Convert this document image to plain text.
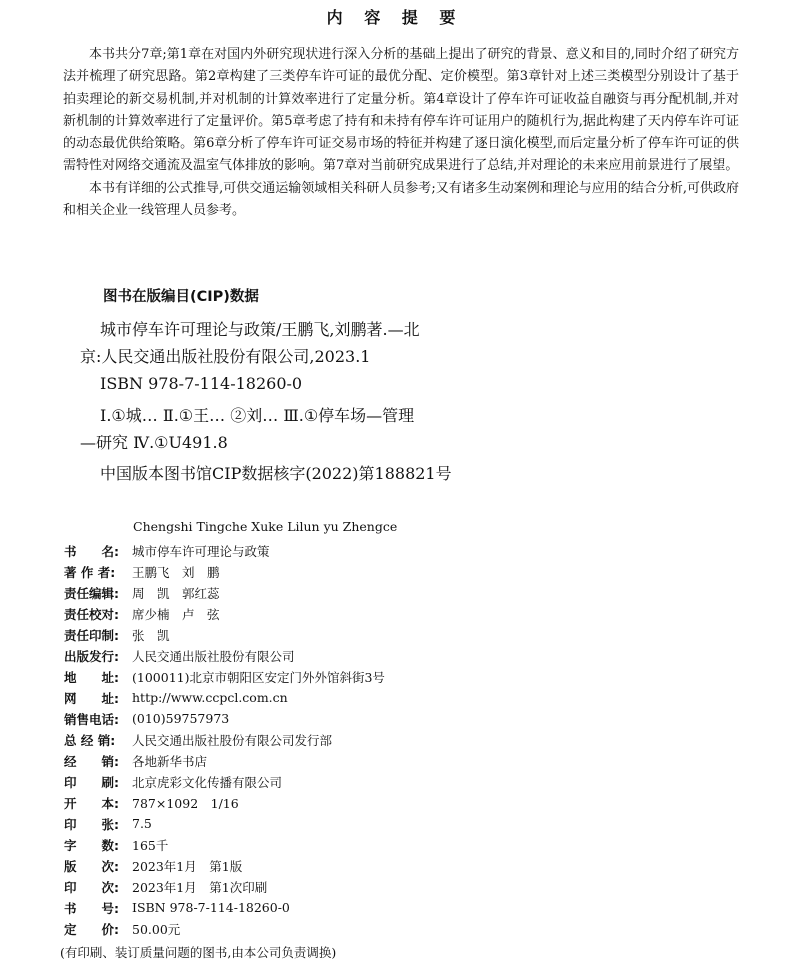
内 容 提 要

本书共分7章;第1章在对国内外研究现状进行深入分析的基础上提出了研究的背景、意义和目的,同时介绍了研究方法并梳理了研究思路。第2章构建了三类停车许可证的最优分配、定价模型。第3章针对上述三类模型分别设计了基于拍卖理论的新交易机制,并对机制的计算效率进行了定量分析。第4章设计了停车许可证收益自融资与再分配机制,并对新机制的计算效率进行了定量评价。第5章考虑了持有和未持有停车许可证用户的随机行为,据此构建了天内停车许可证的动态最优供给策略。第6章分析了停车许可证交易市场的特征并构建了逐日演化模型,而后定量分析了停车许可证的供需特性对网络交通流及温室气体排放的影响。第7章对当前研究成果进行了总结,并对理论的未来应用前景进行了展望。

本书有详细的公式推导,可供交通运输领域相关科研人员参考;又有诸多生动案例和理论与应用的结合分析,可供政府和相关企业一线管理人员参考。

图书在版编目(CIP)数据
城市停车许可理论与政策/王鹏飞,刘鹏著.—北
京:人民交通出版社股份有限公司,2023.1
ISBN 978-7-114-18260-0
Ⅰ.①城… Ⅱ.①王… ②刘… Ⅲ.①停车场—管理
—研究 Ⅳ.①U491.8
中国版本图书馆CIP数据核字(2022)第188821号
Chengshi Tingche Xuke Lilun yu Zhengce
书　　名:	城市停车许可理论与政策
著 作 者:	王鹏飞　刘　鹏
责任编辑:	周　凯　郭红蕊
责任校对:	席少楠　卢　弦
责任印制:	张　凯
出版发行:	人民交通出版社股份有限公司
地　　址:	(100011)北京市朝阳区安定门外外馆斜街3号
网　　址:	http://www.ccpcl.com.cn
销售电话:	(010)59757973
总 经 销:	人民交通出版社股份有限公司发行部
经　　销:	各地新华书店
印　　刷:	北京虎彩文化传播有限公司
开　　本:	787×1092　1/16
印　　张:	7.5
字　　数:	165千
版　　次:	2023年1月　第1版
印　　次:	2023年1月　第1次印刷
书　　号:	ISBN 978-7-114-18260-0
定　　价:	50.00元
(有印刷、装订质量问题的图书,由本公司负责调换)
